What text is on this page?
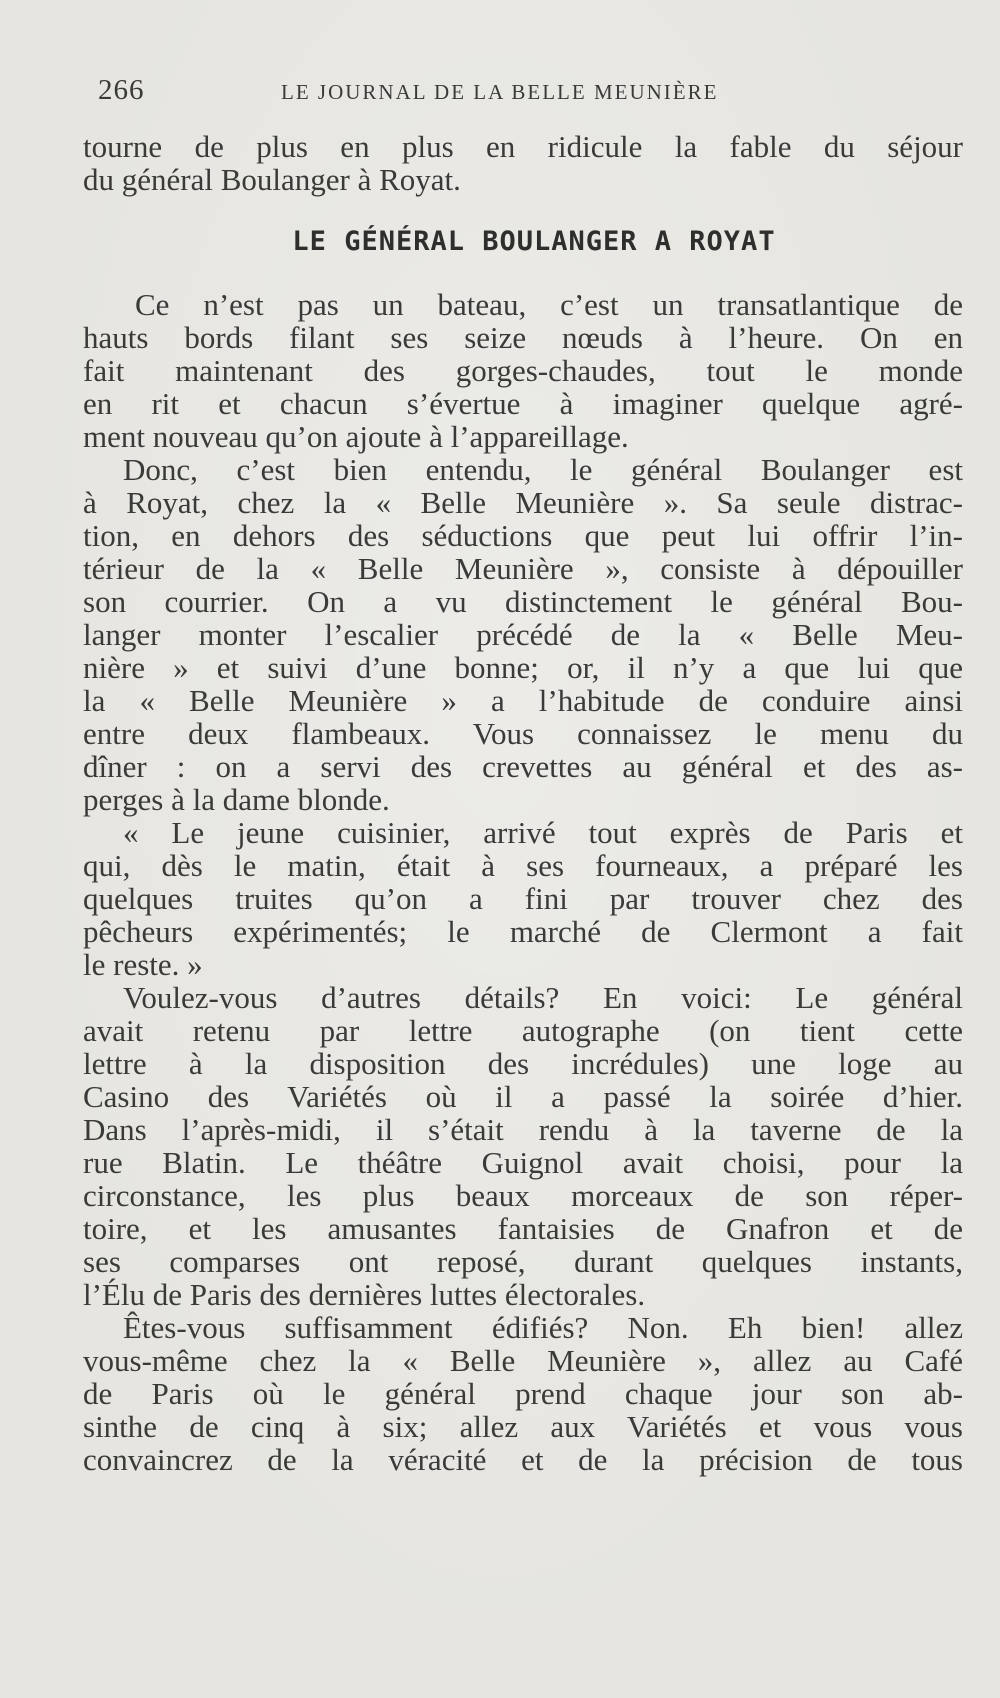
266	LE JOURNAL DE LA BELLE MEUNIÈRE
tourne de plus en plus en ridicule la fable du séjour
du général Boulanger à Royat.
LE GÉNÉRAL BOULANGER A ROYAT
Ce n’est pas un bateau, c’est un transatlantique de
hauts bords filant ses seize nœuds à l’heure. On en
fait maintenant des gorges-chaudes, tout le monde
en rit et chacun s’évertue à imaginer quelque agré-
ment nouveau qu’on ajoute à l’appareillage.
Donc, c’est bien entendu, le général Boulanger est
à Royat, chez la « Belle Meunière ». Sa seule distrac-
tion, en dehors des séductions que peut lui offrir l’in-
térieur de la « Belle Meunière », consiste à dépouiller
son courrier. On a vu distinctement le général Bou-
langer monter l’escalier précédé de la « Belle Meu-
nière » et suivi d’une bonne; or, il n’y a que lui que
la « Belle Meunière » a l’habitude de conduire ainsi
entre deux flambeaux. Vous connaissez le menu du
dîner : on a servi des crevettes au général et des as-
perges à la dame blonde.
« Le jeune cuisinier, arrivé tout exprès de Paris et
qui, dès le matin, était à ses fourneaux, a préparé les
quelques truites qu’on a fini par trouver chez des
pêcheurs expérimentés; le marché de Clermont a fait
le reste. »
Voulez-vous d’autres détails? En voici: Le général
avait retenu par lettre autographe (on tient cette
lettre à la disposition des incrédules) une loge au
Casino des Variétés où il a passé la soirée d’hier.
Dans l’après-midi, il s’était rendu à la taverne de la
rue Blatin. Le théâtre Guignol avait choisi, pour la
circonstance, les plus beaux morceaux de son réper-
toire, et les amusantes fantaisies de Gnafron et de
ses comparses ont reposé, durant quelques instants,
l’Élu de Paris des dernières luttes électorales.
Êtes-vous suffisamment édifiés? Non. Eh bien! allez
vous-même chez la « Belle Meunière », allez au Café
de Paris où le général prend chaque jour son ab-
sinthe de cinq à six; allez aux Variétés et vous vous
convaincrez de la véracité et de la précision de tous
